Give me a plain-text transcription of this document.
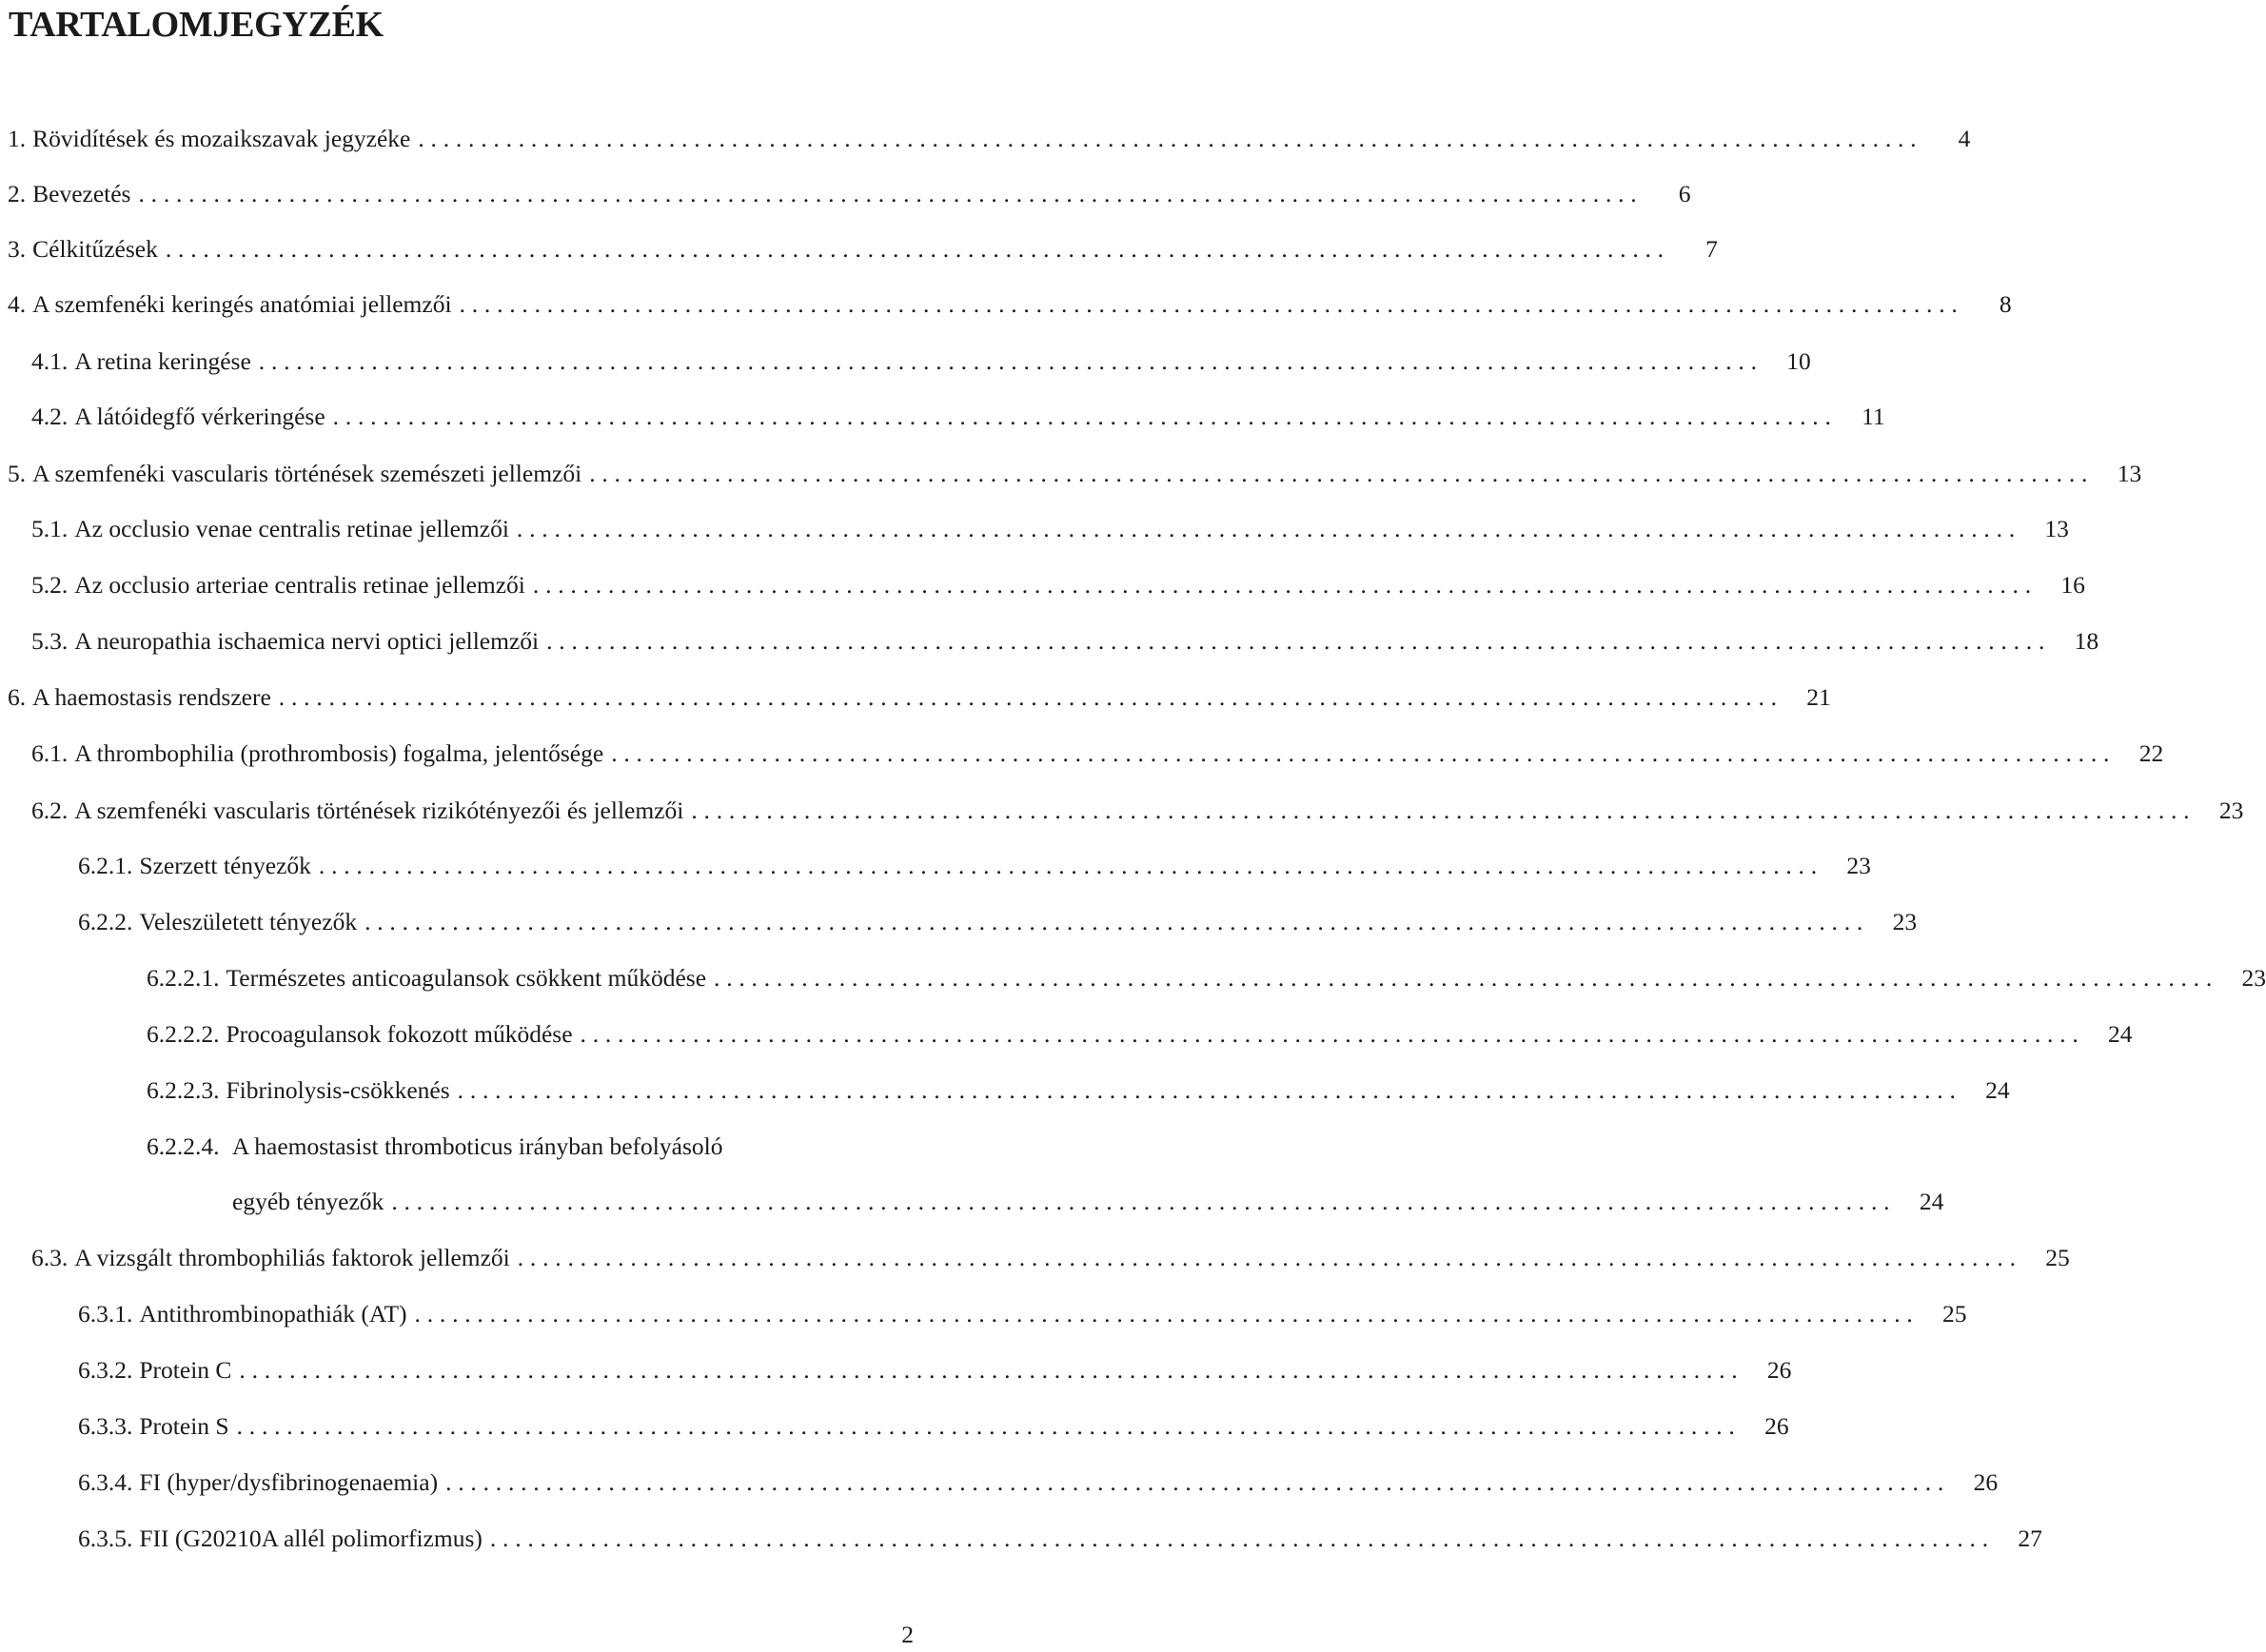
TARTALOMJEGYZÉK
1. Rövidítések és mozaikszavak jegyzéke ........................................................................................................................	4
2. Bevezetés ........................................................................................................................	6
3. Célkitűzések ........................................................................................................................	7
4. A szemfenéki keringés anatómiai jellemzői ........................................................................................................................	8
4.1. A retina keringése ........................................................................................................................ 10
4.2. A látóidegfő vérkeringése ........................................................................................................................ 11
5. A szemfenéki vascularis történések szemészeti jellemzői ........................................................................................................................ 13
5.1. Az occlusio venae centralis retinae jellemzői ........................................................................................................................ 13
5.2. Az occlusio arteriae centralis retinae jellemzői ........................................................................................................................ 16
5.3. A neuropathia ischaemica nervi optici jellemzői ........................................................................................................................ 18
6. A haemostasis rendszere ........................................................................................................................ 21
6.1. A thrombophilia (prothrombosis) fogalma, jelentősége ........................................................................................................................ 22
6.2. A szemfenéki vascularis történések rizikótényezői és jellemzői ........................................................................................................................ 23
6.2.1. Szerzett tényezők ........................................................................................................................ 23
6.2.2. Veleszületett tényezők ........................................................................................................................ 23
6.2.2.1. Természetes anticoagulansok csökkent működése ........................................................................................................................ 23
6.2.2.2. Procoagulansok fokozott működése ........................................................................................................................ 24
6.2.2.3. Fibrinolysis-csökkenés ........................................................................................................................ 24
6.2.2.4. A haemostasist thromboticus irányban befolyásoló
egyéb tényezők ........................................................................................................................ 24
6.3. A vizsgált thrombophiliás faktorok jellemzői ........................................................................................................................ 25
6.3.1. Antithrombinopathiák (AT) ........................................................................................................................ 25
6.3.2. Protein C ........................................................................................................................ 26
6.3.3. Protein S ........................................................................................................................ 26
6.3.4. FI (hyper/dysfibrinogenaemia) ........................................................................................................................ 26
6.3.5. FII (G20210A allél polimorfizmus) ........................................................................................................................ 27
2
